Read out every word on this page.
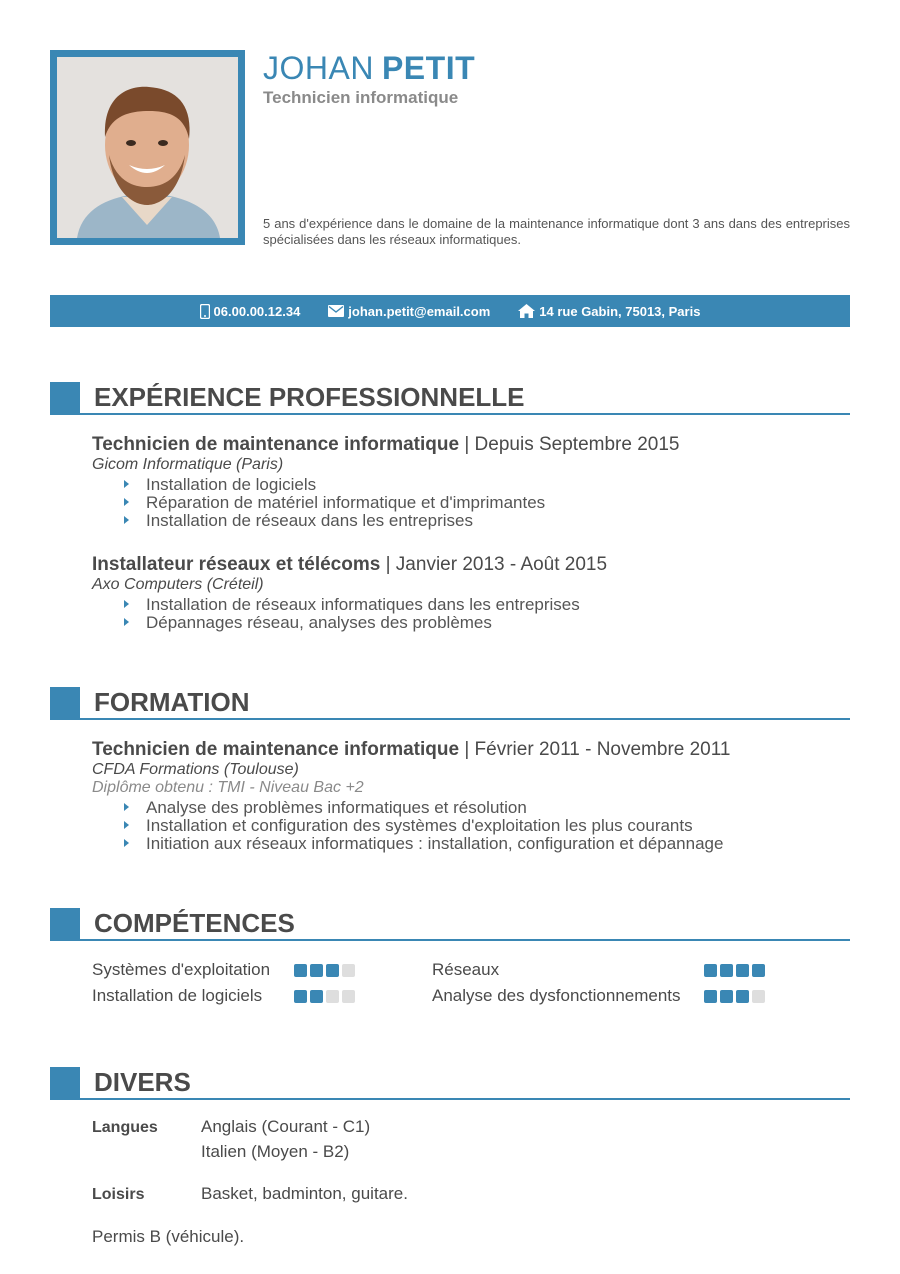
JOHAN PETIT
Technicien informatique
5 ans d'expérience dans le domaine de la maintenance informatique dont 3 ans dans des entreprises spécialisées dans les réseaux informatiques.
06.00.00.12.34	johan.petit@email.com	14 rue Gabin, 75013, Paris
EXPÉRIENCE PROFESSIONNELLE
Technicien de maintenance informatique | Depuis Septembre 2015
Gicom Informatique (Paris)
Installation de logiciels
Réparation de matériel informatique et d'imprimantes
Installation de réseaux dans les entreprises
Installateur réseaux et télécoms | Janvier 2013 - Août 2015
Axo Computers (Créteil)
Installation de réseaux informatiques dans les entreprises
Dépannages réseau, analyses des problèmes
FORMATION
Technicien de maintenance informatique | Février 2011 - Novembre 2011
CFDA Formations (Toulouse)
Diplôme obtenu : TMI - Niveau Bac +2
Analyse des problèmes informatiques et résolution
Installation et configuration des systèmes d'exploitation les plus courants
Initiation aux réseaux informatiques : installation, configuration et dépannage
COMPÉTENCES
Systèmes d'exploitation	Réseaux
Installation de logiciels	Analyse des dysfonctionnements
DIVERS
Langues	Anglais (Courant - C1)
Italien (Moyen - B2)
Loisirs	Basket, badminton, guitare.
Permis B (véhicule).
